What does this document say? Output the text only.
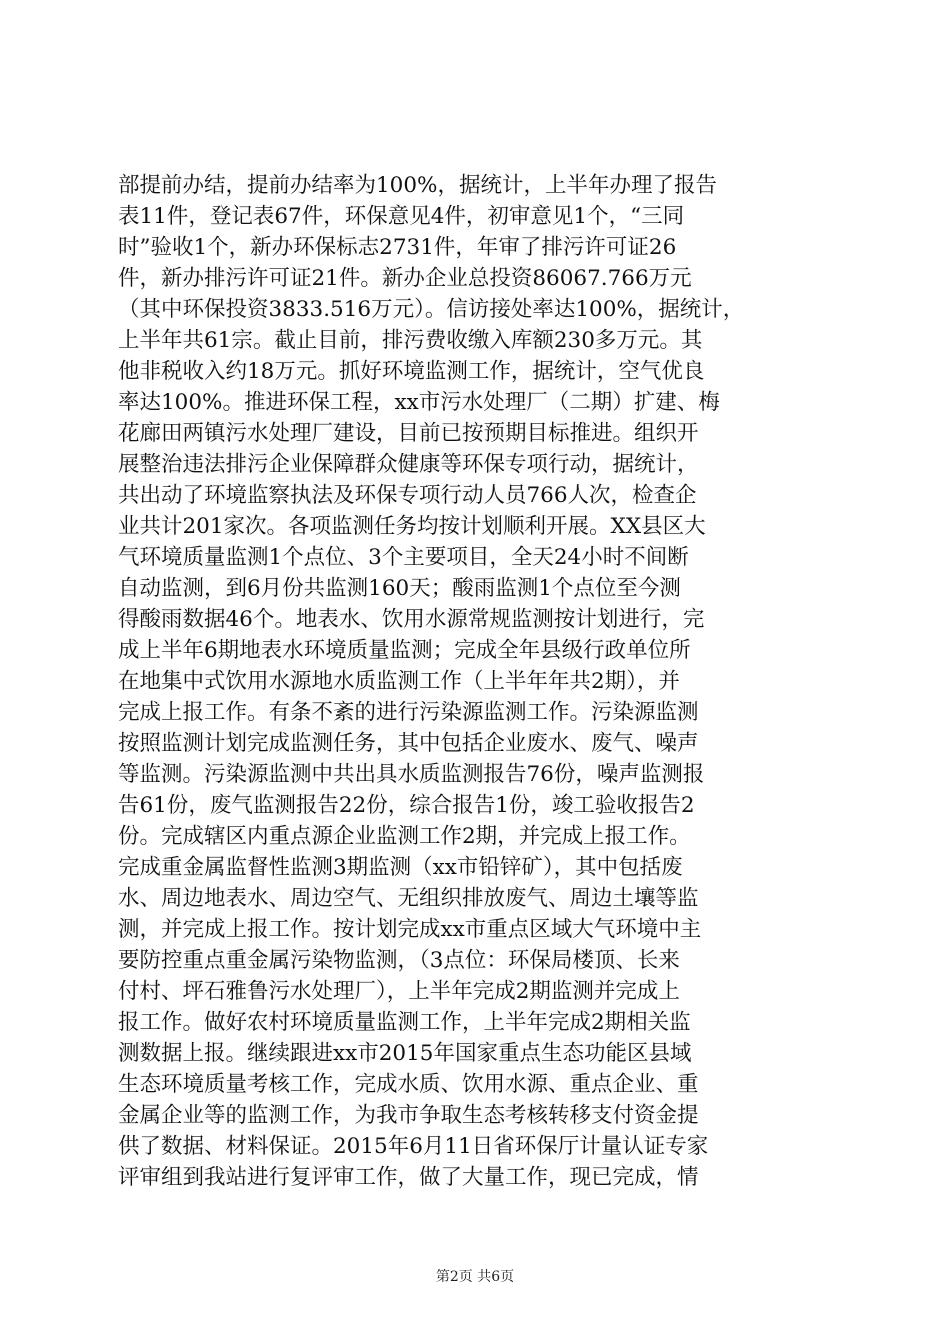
部提前办结，提前办结率为100%，据统计，上半年办理了报告
表11件，登记表67件，环保意见4件，初审意见1个，“三同
时”验收1个，新办环保标志2731件，年审了排污许可证26
件，新办排污许可证21件。新办企业总投资86067.766万元
（其中环保投资3833.516万元）。信访接处率达100%，据统计，
上半年共61宗。截止目前，排污费收缴入库额230多万元。其
他非税收入约18万元。抓好环境监测工作，据统计，空气优良
率达100%。推进环保工程，xx市污水处理厂（二期）扩建、梅
花廊田两镇污水处理厂建设，目前已按预期目标推进。组织开
展整治违法排污企业保障群众健康等环保专项行动，据统计，
共出动了环境监察执法及环保专项行动人员766人次，检查企
业共计201家次。各项监测任务均按计划顺利开展。XX县区大
气环境质量监测1个点位、3个主要项目，全天24小时不间断
自动监测，到6月份共监测160天；酸雨监测1个点位至今测
得酸雨数据46个。地表水、饮用水源常规监测按计划进行，完
成上半年6期地表水环境质量监测；完成全年县级行政单位所
在地集中式饮用水源地水质监测工作（上半年年共2期），并
完成上报工作。有条不紊的进行污染源监测工作。污染源监测
按照监测计划完成监测任务，其中包括企业废水、废气、噪声
等监测。污染源监测中共出具水质监测报告76份，噪声监测报
告61份，废气监测报告22份，综合报告1份，竣工验收报告2
份。完成辖区内重点源企业监测工作2期，并完成上报工作。
完成重金属监督性监测3期监测（xx市铅锌矿），其中包括废
水、周边地表水、周边空气、无组织排放废气、周边土壤等监
测，并完成上报工作。按计划完成xx市重点区域大气环境中主
要防控重点重金属污染物监测，（3点位：环保局楼顶、长来
付村、坪石雅鲁污水处理厂），上半年完成2期监测并完成上
报工作。做好农村环境质量监测工作，上半年完成2期相关监
测数据上报。继续跟进xx市2015年国家重点生态功能区县域
生态环境质量考核工作，完成水质、饮用水源、重点企业、重
金属企业等的监测工作，为我市争取生态考核转移支付资金提
供了数据、材料保证。2015年6月11日省环保厅计量认证专家
评审组到我站进行复评审工作，做了大量工作，现已完成，情
第2页 共6页
